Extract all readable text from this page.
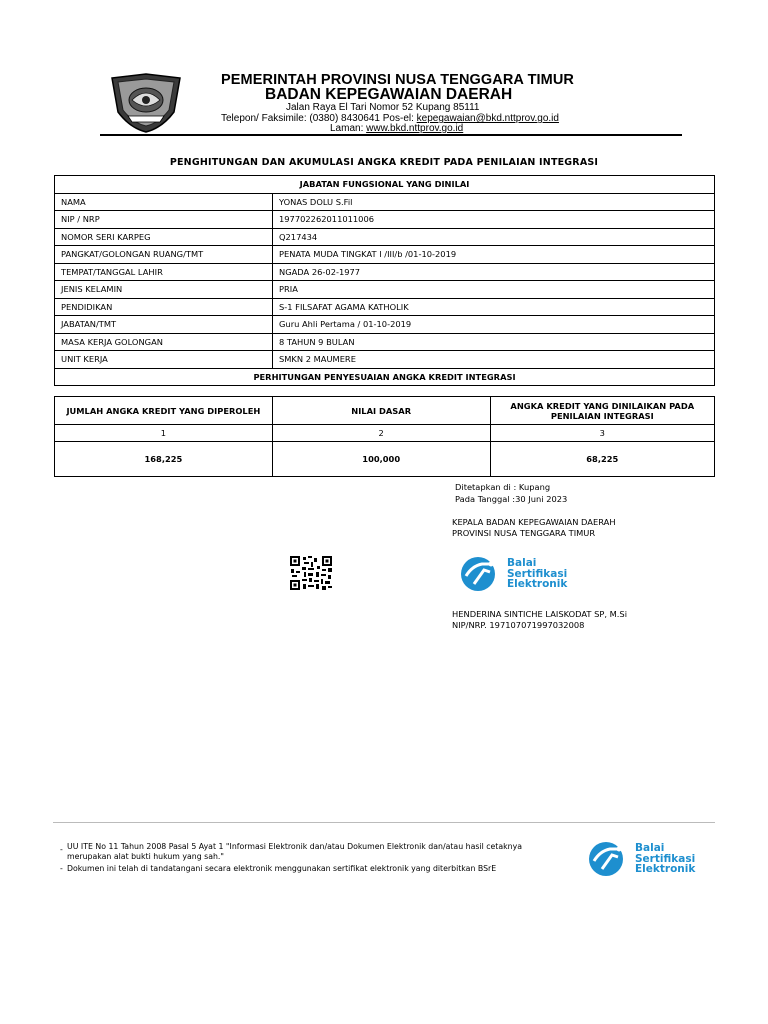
PEMERINTAH PROVINSI NUSA TENGGARA TIMUR
BADAN KEPEGAWAIAN DAERAH
Jalan Raya El Tari Nomor 52 Kupang 85111
Telepon/ Faksimile: (0380) 8430641 Pos-el: kepegawaian@bkd.nttprov.go.id
Laman: www.bkd.nttprov.go.id
PENGHITUNGAN DAN AKUMULASI ANGKA KREDIT PADA PENILAIAN INTEGRASI
JABATAN FUNGSIONAL YANG DINILAI	
NAMA	YONAS DOLU S.Fil
NIP / NRP	197702262011011006
NOMOR SERI KARPEG	Q217434
PANGKAT/GOLONGAN RUANG/TMT	PENATA MUDA TINGKAT I /III/b /01-10-2019
TEMPAT/TANGGAL LAHIR	NGADA 26-02-1977
JENIS KELAMIN	PRIA
PENDIDIKAN	S-1 FILSAFAT AGAMA KATHOLIK
JABATAN/TMT	Guru Ahli Pertama / 01-10-2019
MASA KERJA GOLONGAN	8 TAHUN 9 BULAN
UNIT KERJA	SMKN 2 MAUMERE
PERHITUNGAN PENYESUAIAN ANGKA KREDIT INTEGRASI	
JUMLAH ANGKA KREDIT YANG DIPEROLEH	NILAI DASAR	ANGKA KREDIT YANG DINILAIKAN PADA PENILAIAN INTEGRASI
1	2	3
168,225	100,000	68,225
Ditetapkan di : Kupang
Pada Tanggal :30 Juni 2023
KEPALA BADAN KEPEGAWAIAN DAERAH
PROVINSI NUSA TENGGARA TIMUR
Balai
Sertifikasi
Elektronik
HENDERINA SINTICHE LAISKODAT SP, M.Si
NIP/NRP. 197107071997032008
- UU ITE No 11 Tahun 2008 Pasal 5 Ayat 1 "Informasi Elektronik dan/atau Dokumen Elektronik dan/atau hasil cetaknya
merupakan alat bukti hukum yang sah."
- Dokumen ini telah di tandatangani secara elektronik menggunakan sertifikat elektronik yang diterbitkan BSrE
Balai
Sertifikasi
Elektronik
